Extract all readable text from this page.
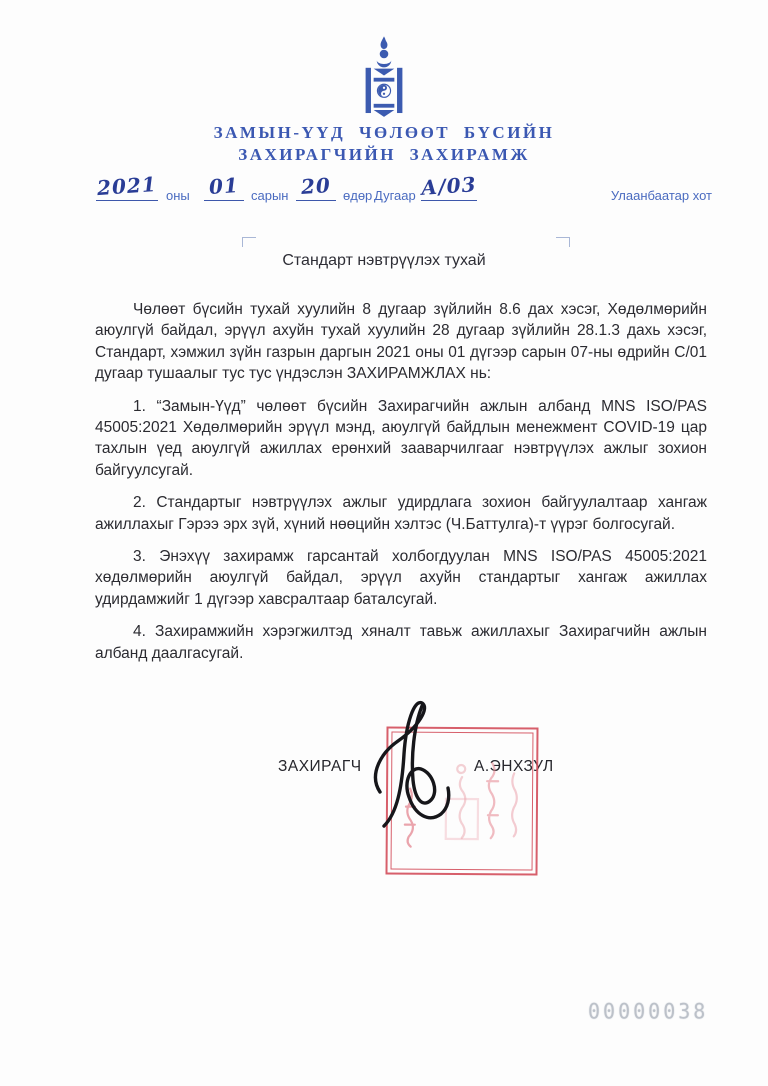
ЗАМЫН-ҮҮД ЧӨЛӨӨТ БҮСИЙН
ЗАХИРАГЧИЙН ЗАХИРАМЖ
2021 оны 01 сарын 20 өдөр Дугаар А/03	Улаанбаатар хот
Стандарт нэвтрүүлэх тухай

Чөлөөт бүсийн тухай хуулийн 8 дугаар зүйлийн 8.6 дах хэсэг, Хөдөлмөрийн аюулгүй байдал, эрүүл ахуйн тухай хуулийн 28 дугаар зүйлийн 28.1.3 дахь хэсэг, Стандарт, хэмжил зүйн газрын даргын 2021 оны 01 дүгээр сарын 07-ны өдрийн С/01 дугаар тушаалыг тус тус үндэслэн ЗАХИРАМЖЛАХ нь:

1. “Замын-Үүд” чөлөөт бүсийн Захирагчийн ажлын албанд MNS ISO/PAS 45005:2021 Хөдөлмөрийн эрүүл мэнд, аюулгүй байдлын менежмент COVID-19 цар тахлын үед аюулгүй ажиллах ерөнхий зааварчилгааг нэвтрүүлэх ажлыг зохион байгуулсугай.

2. Стандартыг нэвтрүүлэх ажлыг удирдлага зохион байгуулалтаар хангаж ажиллахыг Гэрээ эрх зүй, хүний нөөцийн хэлтэс (Ч.Баттулга)-т үүрэг болгосугай.

3. Энэхүү захирамж гарсантай холбогдуулан MNS ISO/PAS 45005:2021 хөдөлмөрийн аюулгүй байдал, эрүүл ахуйн стандартыг хангаж ажиллах удирдамжийг 1 дүгээр хавсралтаар баталсугай.

4. Захирамжийн хэрэгжилтэд хяналт тавьж ажиллахыг Захирагчийн ажлын албанд даалгасугай.

ЗАХИРАГЧ	А.ЭНХЗУЛ
00000038
